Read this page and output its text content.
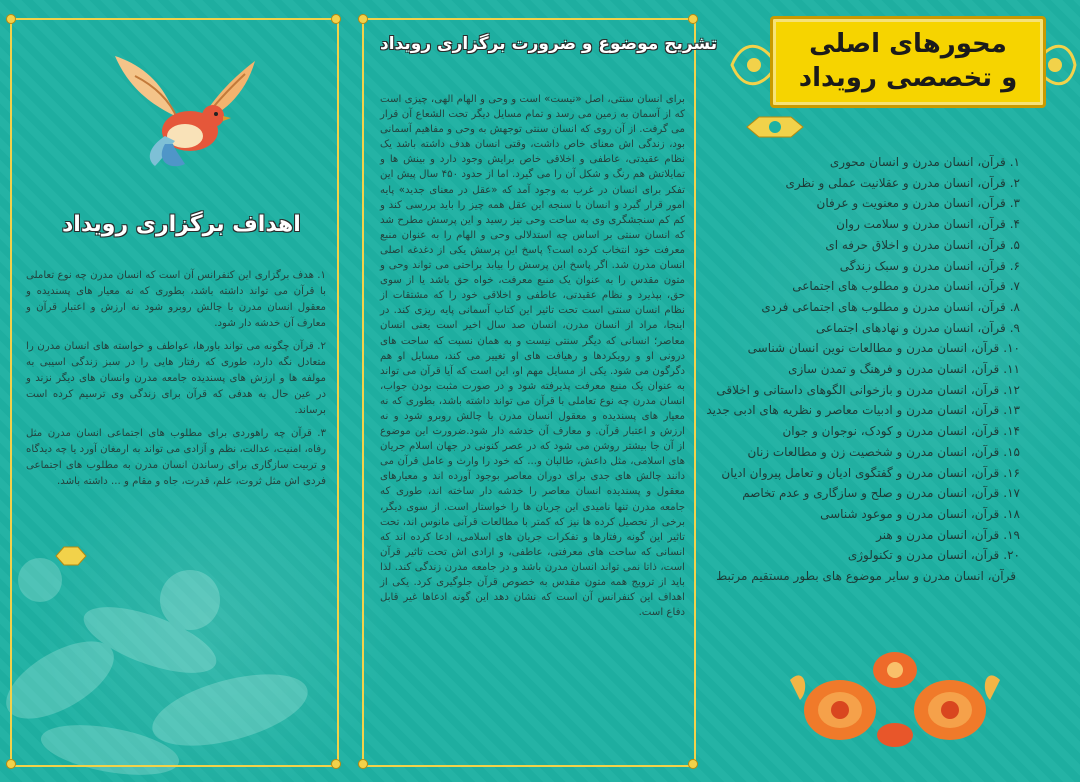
محورهای اصلی
و تخصصی رویداد
۱.قرآن، انسان مدرن و انسان محوری
۲.قرآن، انسان مدرن و عقلانیت عملی و نظری
۳.قرآن، انسان مدرن و معنویت و عرفان
۴.قرآن، انسان مدرن و سلامت روان
۵.قرآن، انسان مدرن و اخلاق حرفه ای
۶.قرآن، انسان مدرن و سبک زندگی
۷.قرآن، انسان مدرن و مطلوب های اجتماعی
۸.قرآن، انسان مدرن و مطلوب های اجتماعی فردی
۹.قرآن، انسان مدرن و نهادهای اجتماعی
۱۰.قرآن، انسان مدرن و مطالعات نوین انسان شناسی
۱۱.قرآن، انسان مدرن و فرهنگ و تمدن سازی
۱۲.قرآن، انسان مدرن و بازخوانی الگوهای داستانی و اخلاقی
۱۳.قرآن، انسان مدرن و ادبیات معاصر و نظریه های ادبی جدید
۱۴.قرآن، انسان مدرن و کودک، نوجوان و جوان
۱۵.قرآن، انسان مدرن و شخصیت زن و مطالعات زنان
۱۶.قرآن، انسان مدرن و گفتگوی ادیان و تعامل پیروان ادیان
۱۷.قرآن، انسان مدرن و صلح و سازگاری و عدم تخاصم
۱۸.قرآن، انسان مدرن و موعود شناسی
۱۹.قرآن، انسان مدرن و هنر
۲۰.قرآن، انسان مدرن و تکنولوژی
قرآن، انسان مدرن و سایر موضوع های بطور مستقیم مرتبط
تشریح موضوع و ضرورت برگزاری رویداد
برای انسان سنتی، اصل «نیست» است و وحی و الهام الهی، چیزی است که از آسمان به زمین می رسد و تمام مسایل دیگر تحت الشعاع آن قرار می گرفت. از آن روی که انسان سنتی توجهش به وحی و مفاهیم آسمانی بود، زندگی اش معنای خاص داشت، وقتی انسان هدف داشته باشد یک نظام عقیدتی، عاطفی و اخلاقی خاص برایش وجود دارد و بینش ها و تمایلاتش هم رنگ و شکل آن را می گیرد. اما از حدود ۴۵۰ سال پیش این تفکر برای انسان در غرب به وجود آمد که «عقل در معنای جدید» پایه امور قرار گیرد و انسان با سنجه این عقل همه چیز را باید بررسی کند و کم کم سنجشگری وی به ساحت وحی نیز رسید و این پرسش مطرح شد که انسان سنتی بر اساس چه استدلالی وحی و الهام را به عنوان منبع معرفت خود انتخاب کرده است؟ پاسخ این پرسش یکی از دغدغه اصلی انسان مدرن شد. اگر پاسخ این پرسش را بیابد براحتی می تواند وحی و متون مقدس را به عنوان یک منبع معرفت، خواه حق باشد یا از سوی حق، بپذیرد و نظام عقیدتی، عاطفی و اخلاقی خود را که مشتقات از نظام انسان سنتی است تحت تاثیر این کتاب آسمانی پایه ریزی کند. در اینجا، مراد از انسان مدرن، انسان صد سال اخیر است یعنی انسان معاصر؛ انسانی که دیگر سنتی نیست و به همان نسبت که ساحت های درونی او و رویکردها و رهیافت های او تغییر می کند، مسایل او هم دگرگون می شود. یکی از مسایل مهم او، این است که آیا قرآن می تواند به عنوان یک منبع معرفت پذیرفته شود و در صورت مثبت بودن جواب، انسان مدرن چه نوع تعاملی با قرآن می تواند داشته باشد، بطوری که نه معیار های پسندیده و معقول انسان مدرن با چالش روبرو شود و نه ارزش و اعتبار قرآن. و معارف آن خدشه دار شود.ضرورت این موضوع از آن جا بیشتر روشن می شود که در عصر کنونی در جهان اسلام جریان های اسلامی، مثل داعش، طالبان و... که خود را وارث و عامل قرآن می دانند چالش های جدی برای دوران معاصر بوجود آورده اند و معیارهای معقول و پسندیده انسان معاصر را خدشه دار ساخته اند، طوری که جامعه مدرن تنها نامیدی این جریان ها را خواستار است. از سوی دیگر، برخی از تحصیل کرده ها نیز که کمتر با مطالعات قرآنی مانوس اند، تحت تاثیر این گونه رفتارها و تفکرات جریان های اسلامی، ادعا کرده اند که انسانی که ساحت های معرفتی، عاطفی، و ارادی اش تحت تاثیر قرآن است، ذاتا نمی تواند انسان مدرن باشد و در جامعه مدرن زندگی کند. لذا باید از ترویج همه متون مقدس به خصوص قرآن جلوگیری کرد. یکی از اهداف این کنفرانس آن است که نشان دهد این گونه ادعاها غیر قابل دفاع است.
اهداف برگزاری رویداد

۱. هدف برگزاری این کنفرانس آن است که انسان مدرن چه نوع تعاملی با قرآن می تواند داشته باشد، بطوری که نه معیار های پسندیده و معقول انسان مدرن با چالش روبرو شود نه ارزش و اعتبار قرآن و معارف آن خدشه دار شود.

۲. قرآن چگونه می تواند باورها، عواطف و خواسته های انسان مدرن را متعادل نگه دارد، طوری که رفتار هایی را در سبز زندگی اسیبی به مولفه ها و ارزش های پسندیده جامعه مدرن وانسان های دیگر نزند و در عین حال به هدفی که قرآن برای زندگی وی ترسیم کرده است برساند.

۳. قرآن چه راهوردی برای مطلوب های اجتماعی انسان مدرن مثل رفاه، امنیت، عدالت، نظم و آزادی می تواند به ارمغان آورد یا چه دیدگاه و تربیت سازگاری برای رساندن انسان مدرن به مطلوب های اجتماعی فردی اش مثل ثروت، علم، قدرت، جاه و مقام و ... داشته باشد.
